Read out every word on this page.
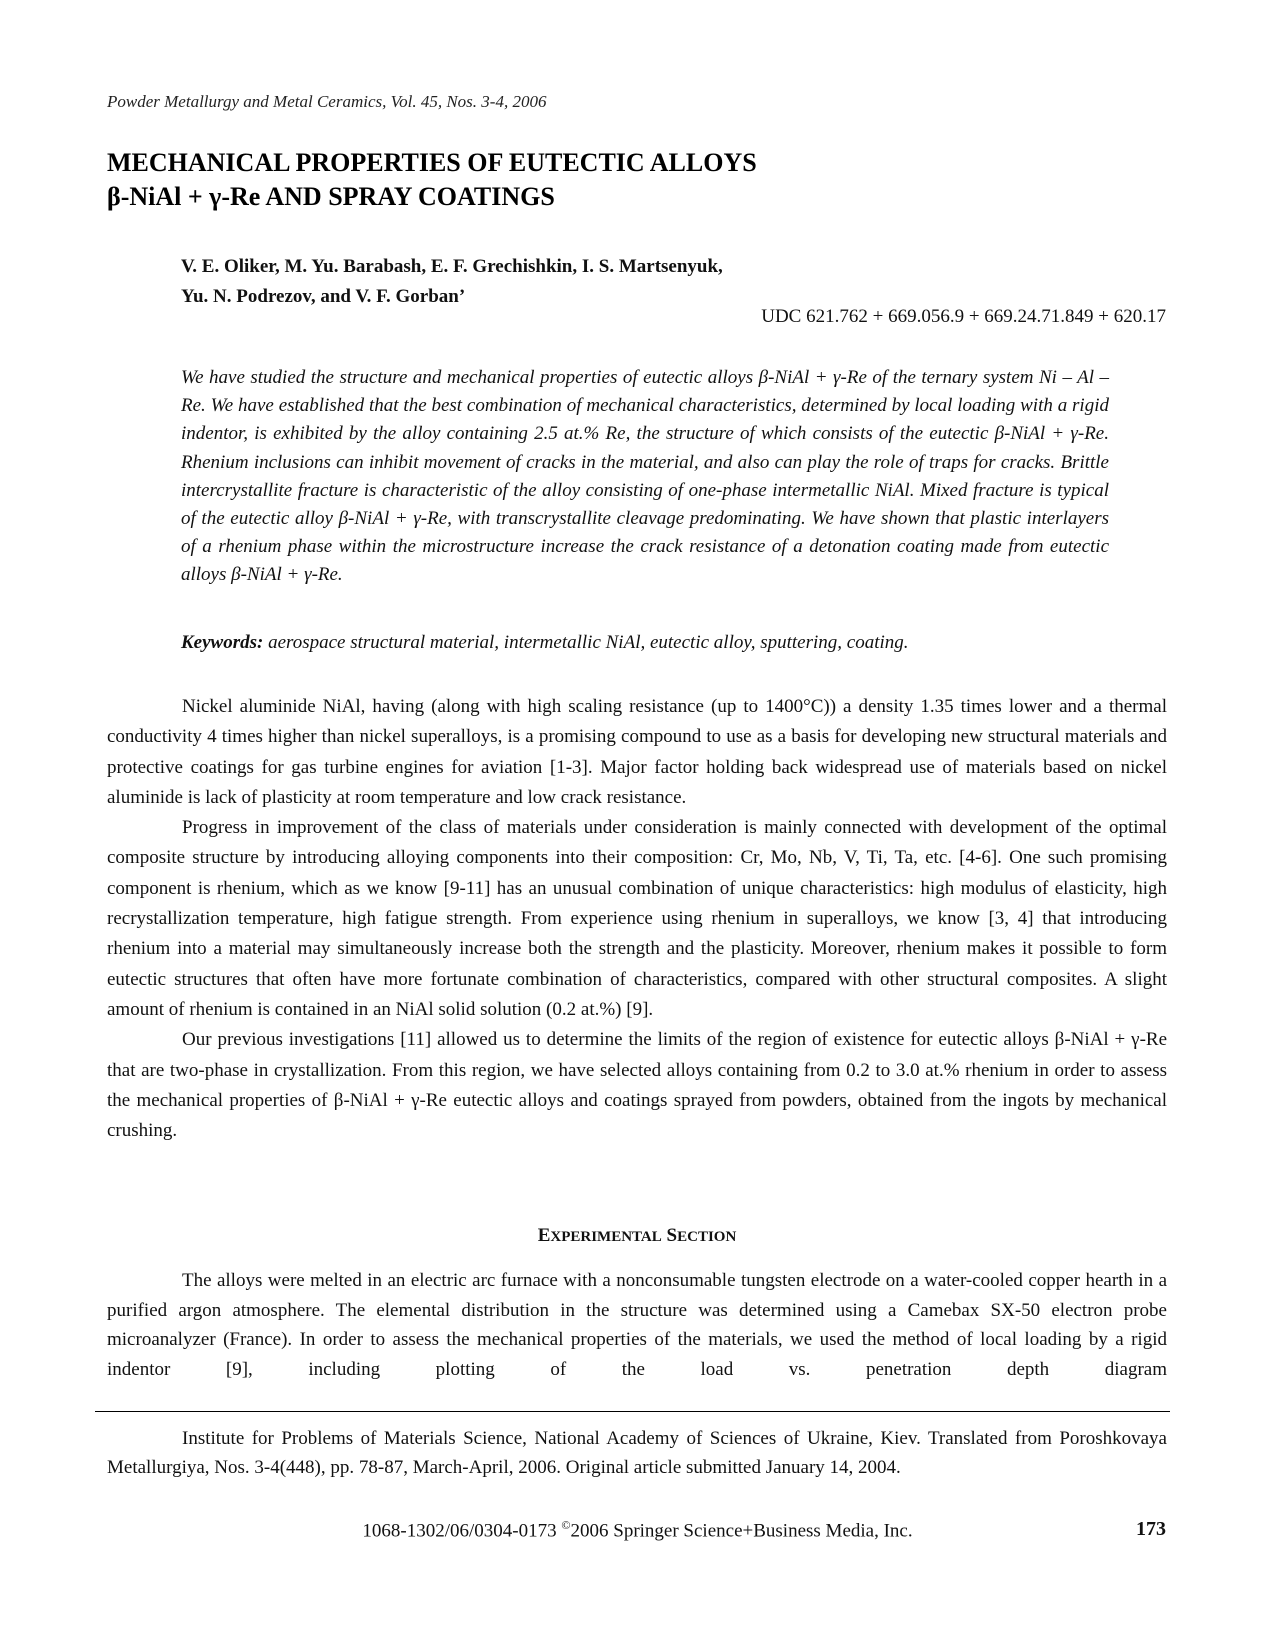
Powder Metallurgy and Metal Ceramics, Vol. 45, Nos. 3-4, 2006
MECHANICAL PROPERTIES OF EUTECTIC ALLOYS
β-NiAl + γ-Re AND SPRAY COATINGS
V. E. Oliker, M. Yu. Barabash, E. F. Grechishkin, I. S. Martsenyuk,
Yu. N. Podrezov, and V. F. Gorban’
UDC 621.762 + 669.056.9 + 669.24.71.849 + 620.17
We have studied the structure and mechanical properties of eutectic alloys β-NiAl + γ-Re of the ternary system Ni – Al – Re. We have established that the best combination of mechanical characteristics, determined by local loading with a rigid indentor, is exhibited by the alloy containing 2.5 at.% Re, the structure of which consists of the eutectic β-NiAl + γ-Re. Rhenium inclusions can inhibit movement of cracks in the material, and also can play the role of traps for cracks. Brittle intercrystallite fracture is characteristic of the alloy consisting of one-phase intermetallic NiAl. Mixed fracture is typical of the eutectic alloy β-NiAl + γ-Re, with transcrystallite cleavage predominating. We have shown that plastic interlayers of a rhenium phase within the microstructure increase the crack resistance of a detonation coating made from eutectic alloys β-NiAl + γ-Re.
Keywords: aerospace structural material, intermetallic NiAl, eutectic alloy, sputtering, coating.

Nickel aluminide NiAl, having (along with high scaling resistance (up to 1400°C)) a density 1.35 times lower and a thermal conductivity 4 times higher than nickel superalloys, is a promising compound to use as a basis for developing new structural materials and protective coatings for gas turbine engines for aviation [1-3]. Major factor holding back widespread use of materials based on nickel aluminide is lack of plasticity at room temperature and low crack resistance.

Progress in improvement of the class of materials under consideration is mainly connected with development of the optimal composite structure by introducing alloying components into their composition: Cr, Mo, Nb, V, Ti, Ta, etc. [4-6]. One such promising component is rhenium, which as we know [9-11] has an unusual combination of unique characteristics: high modulus of elasticity, high recrystallization temperature, high fatigue strength. From experience using rhenium in superalloys, we know [3, 4] that introducing rhenium into a material may simultaneously increase both the strength and the plasticity. Moreover, rhenium makes it possible to form eutectic structures that often have more fortunate combination of characteristics, compared with other structural composites. A slight amount of rhenium is contained in an NiAl solid solution (0.2 at.%) [9].

Our previous investigations [11] allowed us to determine the limits of the region of existence for eutectic alloys β-NiAl + γ-Re that are two-phase in crystallization. From this region, we have selected alloys containing from 0.2 to 3.0 at.% rhenium in order to assess the mechanical properties of β-NiAl + γ-Re eutectic alloys and coatings sprayed from powders, obtained from the ingots by mechanical crushing.

EXPERIMENTAL SECTION

The alloys were melted in an electric arc furnace with a nonconsumable tungsten electrode on a water-cooled copper hearth in a purified argon atmosphere. The elemental distribution in the structure was determined using a Camebax SX-50 electron probe microanalyzer (France). In order to assess the mechanical properties of the materials, we used the method of local loading by a rigid indentor [9], including plotting of the load vs. penetration depth diagram

Institute for Problems of Materials Science, National Academy of Sciences of Ukraine, Kiev. Translated from Poroshkovaya Metallurgiya, Nos. 3-4(448), pp. 78-87, March-April, 2006. Original article submitted January 14, 2004.

1068-1302/06/0304-0173 ©2006 Springer Science+Business Media, Inc.	173
